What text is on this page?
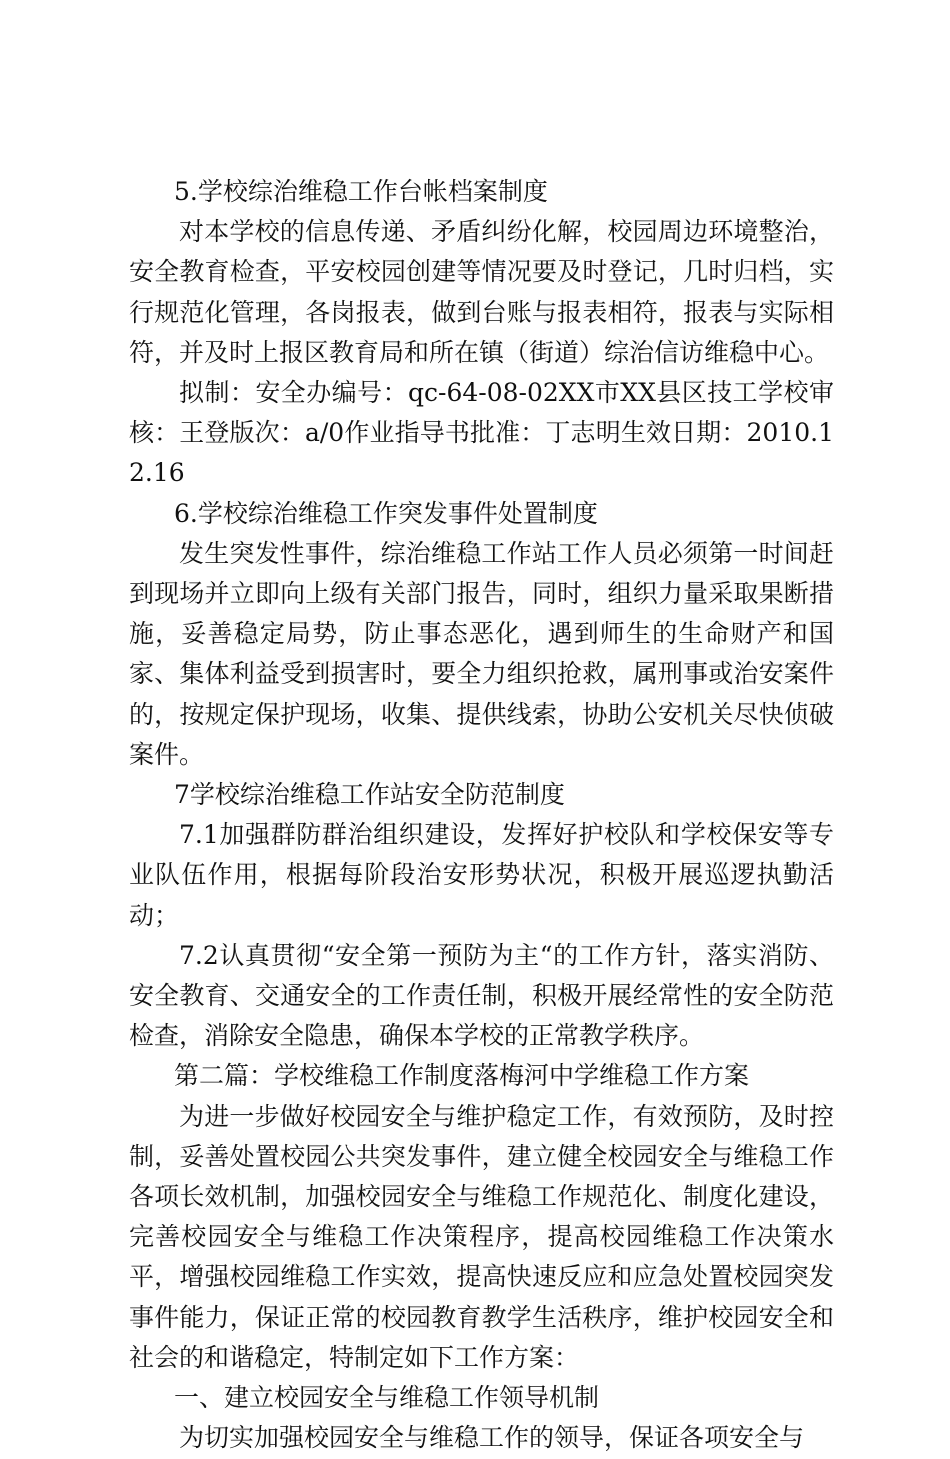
5.学校综治维稳工作台帐档案制度

对本学校的信息传递、矛盾纠纷化解，校园周边环境整治，安全教育检查，平安校园创建等情况要及时登记，几时归档，实行规范化管理，各岗报表，做到台账与报表相符，报表与实际相符，并及时上报区教育局和所在镇（街道）综治信访维稳中心。

拟制：安全办编号：qc-64-08-02XX市XX县区技工学校审核：王登版次：a/0作业指导书批准：丁志明生效日期：2010.12.16

6.学校综治维稳工作突发事件处置制度

发生突发性事件，综治维稳工作站工作人员必须第一时间赶到现场并立即向上级有关部门报告，同时，组织力量采取果断措施，妥善稳定局势，防止事态恶化，遇到师生的生命财产和国家、集体利益受到损害时，要全力组织抢救，属刑事或治安案件的，按规定保护现场，收集、提供线索，协助公安机关尽快侦破案件。

7学校综治维稳工作站安全防范制度

7.1加强群防群治组织建设，发挥好护校队和学校保安等专业队伍作用，根据每阶段治安形势状况，积极开展巡逻执勤活动；

7.2认真贯彻“安全第一预防为主“的工作方针，落实消防、安全教育、交通安全的工作责任制，积极开展经常性的安全防范检查，消除安全隐患，确保本学校的正常教学秩序。

第二篇：学校维稳工作制度落梅河中学维稳工作方案

为进一步做好校园安全与维护稳定工作，有效预防，及时控制，妥善处置校园公共突发事件，建立健全校园安全与维稳工作各项长效机制，加强校园安全与维稳工作规范化、制度化建设，完善校园安全与维稳工作决策程序，提高校园维稳工作决策水平，增强校园维稳工作实效，提高快速反应和应急处置校园突发事件能力，保证正常的校园教育教学生活秩序，维护校园安全和社会的和谐稳定，特制定如下工作方案：

一、建立校园安全与维稳工作领导机制

为切实加强校园安全与维稳工作的领导，保证各项安全与
